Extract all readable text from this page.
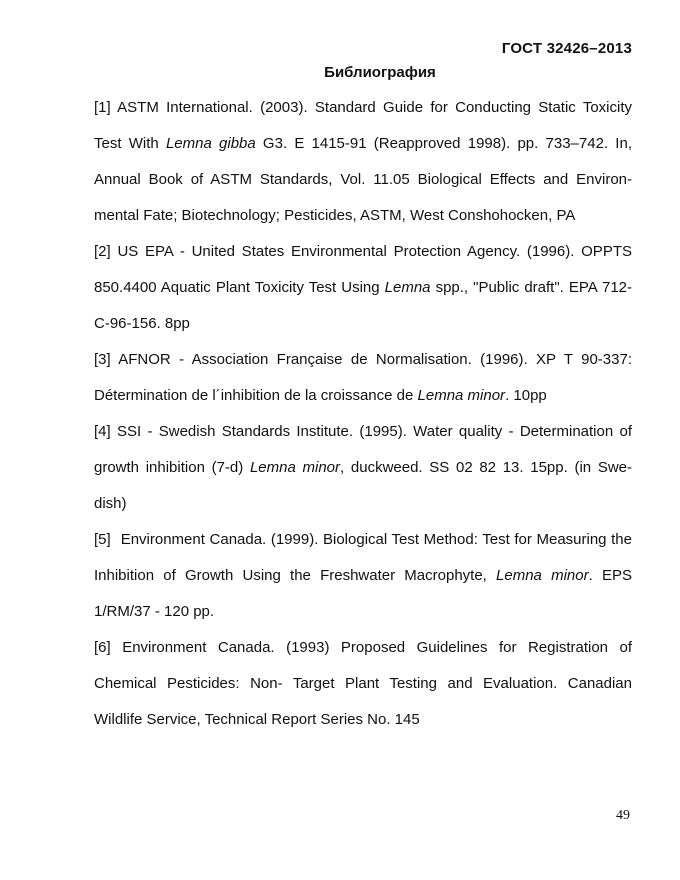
ГОСТ 32426–2013
Библиография

[1] ASTM International. (2003). Standard Guide for Conducting Static Toxicity Test With Lemna gibba G3. E 1415-91 (Reapproved 1998). pp. 733–742. In, Annual Book of ASTM Standards, Vol. 11.05 Biological Effects and Environ-mental Fate; Biotechnology; Pesticides, ASTM, West Conshohocken, PA

[2] US EPA - United States Environmental Protection Agency. (1996). OPPTS 850.4400 Aquatic Plant Toxicity Test Using Lemna spp., "Public draft". EPA 712-C-96-156. 8pp

[3] AFNOR - Association Française de Normalisation. (1996). XP T 90-337: Détermination de l´inhibition de la croissance de Lemna minor. 10pp

[4] SSI - Swedish Standards Institute. (1995). Water quality - Determination of growth inhibition (7-d) Lemna minor, duckweed. SS 02 82 13. 15pp. (in Swe-dish)

[5] Environment Canada. (1999). Biological Test Method: Test for Measuring the Inhibition of Growth Using the Freshwater Macrophyte, Lemna minor. EPS 1/RM/37 - 120 pp.

[6] Environment Canada. (1993) Proposed Guidelines for Registration of Chemical Pesticides: Non- Target Plant Testing and Evaluation. Canadian Wildlife Service, Technical Report Series No. 145

49
